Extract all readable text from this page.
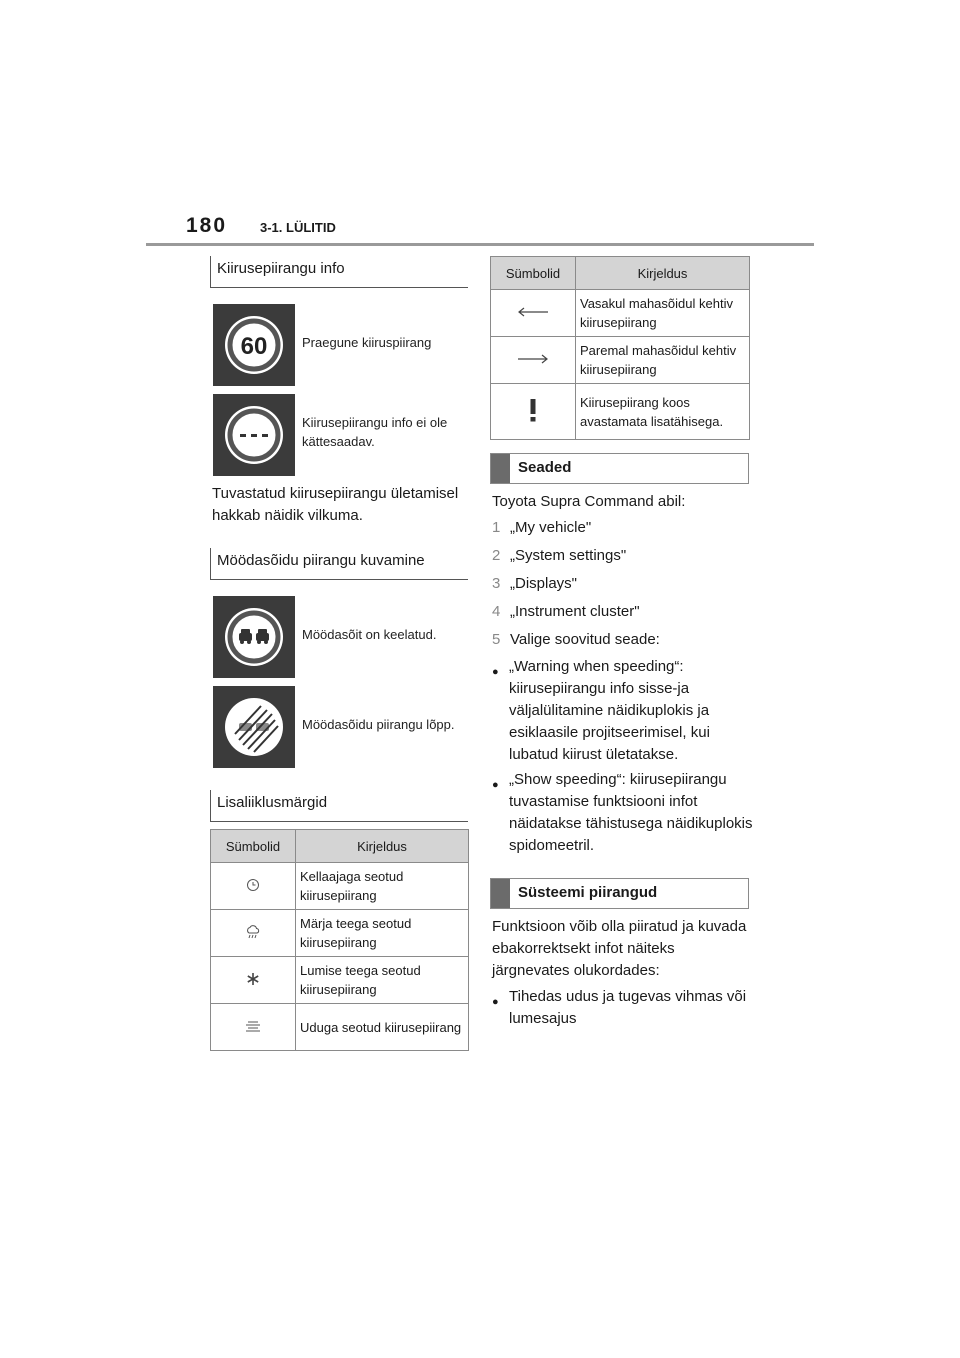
180	3-1. LÜLITID
Kiirusepiirangu info
60	Praegune kiiruspiirang
Kiirusepiirangu info ei ole kättesaadav.
Tuvastatud kiirusepiirangu ületamisel hakkab näidik vilkuma.
Möödasõidu piirangu kuvamine
Möödasõit on keelatud.
Möödasõidu piirangu lõpp.
Lisaliiklusmärgid
Sümbolid	Kirjeldus
	Kellaajaga seotud kiirusepiirang
	Märja teega seotud kiirusepiirang
	Lumise teega seotud kiirusepiirang
	Uduga seotud kiirusepiirang
Sümbolid	Kirjeldus
	Vasakul mahasõidul kehtiv kiirusepiirang
	Paremal mahasõidul kehtiv kiirusepiirang
	Kiirusepiirang koos avastamata lisatähisega.
Seaded
Toyota Supra Command abil:
1 „My vehicle"
2 „System settings"
3 „Displays"
4 „Instrument cluster"
5 Valige soovitud seade:
● „Warning when speeding“: kiirusepiirangu info sisse-ja väljalülitamine näidikuplokis ja esiklaasile projitseerimisel, kui lubatud kiirust ületatakse.
● „Show speeding“: kiirusepiirangu tuvastamise funktsiooni infot näidatakse tähistusega näidikuplokis spidomeetril.
Süsteemi piirangud
Funktsioon võib olla piiratud ja kuvada ebakorrektsekt infot näiteks järgnevates olukordades:
● Tihedas udus ja tugevas vihmas või lumesajus
